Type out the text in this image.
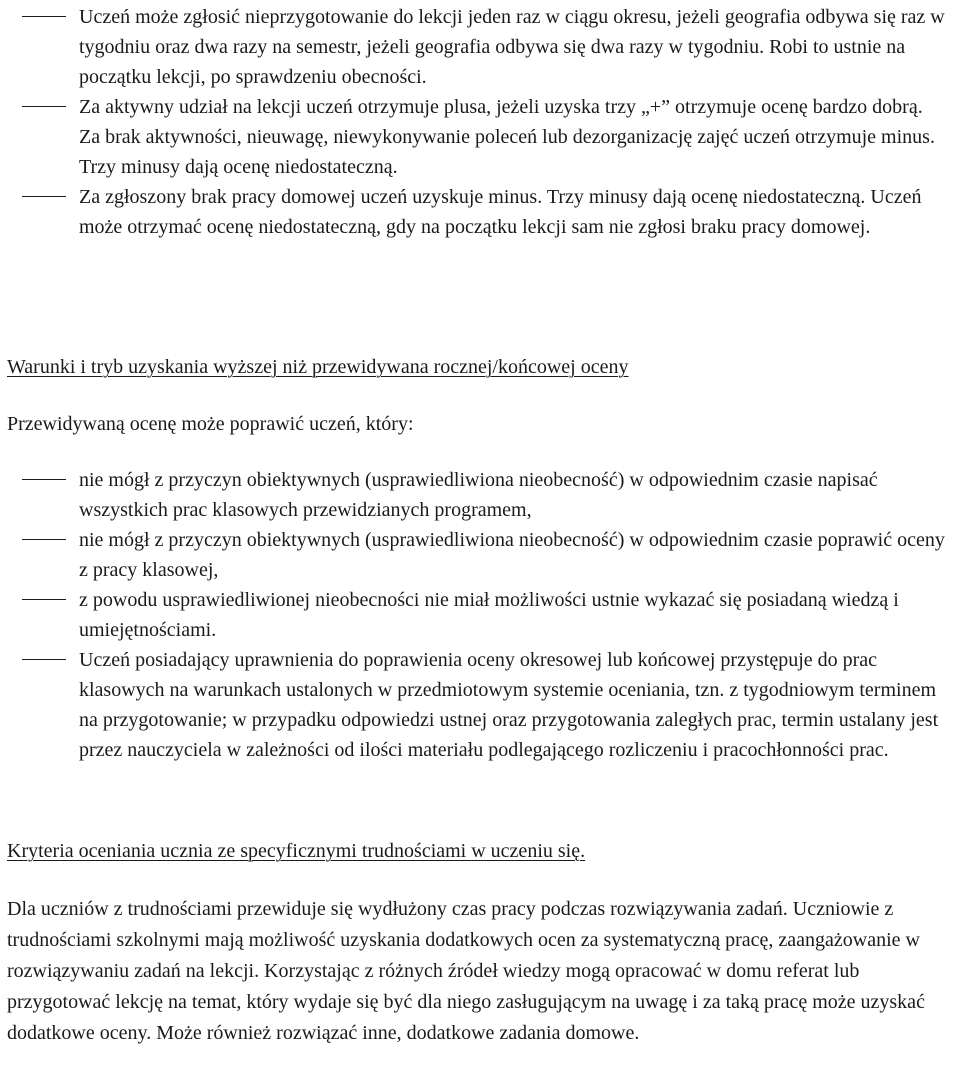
Uczeń może zgłosić nieprzygotowanie do lekcji jeden raz w ciągu okresu, jeżeli geografia odbywa się raz w tygodniu oraz dwa razy na semestr, jeżeli geografia odbywa się dwa razy w tygodniu. Robi to ustnie na początku lekcji, po sprawdzeniu obecności.
Za aktywny udział na lekcji uczeń otrzymuje plusa, jeżeli uzyska trzy „+” otrzymuje ocenę bardzo dobrą. Za brak aktywności, nieuwagę, niewykonywanie poleceń lub dezorganizację zajęć uczeń otrzymuje minus. Trzy minusy dają ocenę niedostateczną.
Za zgłoszony brak pracy domowej uczeń uzyskuje minus. Trzy minusy dają ocenę niedostateczną. Uczeń może otrzymać ocenę niedostateczną, gdy na początku lekcji sam nie zgłosi braku pracy domowej.
Warunki i tryb uzyskania wyższej niż przewidywana rocznej/końcowej oceny
Przewidywaną ocenę może poprawić uczeń, który:
nie mógł z przyczyn obiektywnych (usprawiedliwiona nieobecność) w odpowiednim czasie napisać wszystkich prac klasowych przewidzianych programem,
nie mógł z przyczyn obiektywnych (usprawiedliwiona nieobecność) w odpowiednim czasie poprawić oceny z pracy klasowej,
z powodu usprawiedliwionej nieobecności nie miał możliwości ustnie wykazać się posiadaną wiedzą i umiejętnościami.
Uczeń posiadający uprawnienia do poprawienia oceny okresowej lub końcowej przystępuje do prac klasowych na warunkach ustalonych w przedmiotowym systemie oceniania, tzn. z tygodniowym terminem na przygotowanie; w przypadku odpowiedzi ustnej oraz przygotowania zaległych prac, termin ustalany jest przez nauczyciela w zależności od ilości materiału podlegającego rozliczeniu i pracochłonności prac.
Kryteria oceniania ucznia ze specyficznymi trudnościami w uczeniu się.
Dla uczniów z trudnościami przewiduje się wydłużony czas pracy podczas rozwiązywania zadań. Uczniowie z trudnościami szkolnymi mają możliwość uzyskania dodatkowych ocen za systematyczną pracę, zaangażowanie w rozwiązywaniu zadań na lekcji. Korzystając z różnych źródeł wiedzy mogą opracować w domu referat lub przygotować lekcję na temat, który wydaje się być dla niego zasługującym na uwagę i za taką pracę może uzyskać dodatkowe oceny. Może również rozwiązać inne, dodatkowe zadania domowe.
